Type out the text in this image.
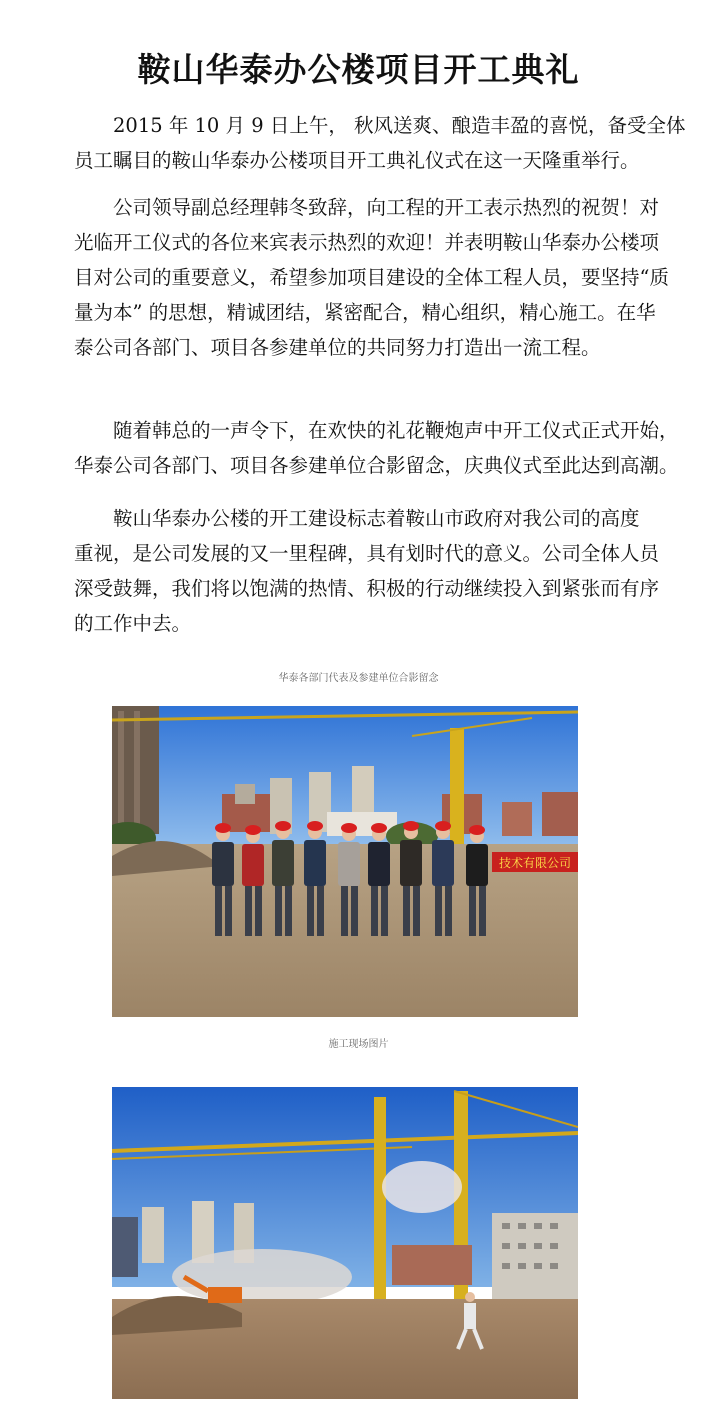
鞍山华泰办公楼项目开工典礼

2015 年 10 月 9 日上午， 秋风送爽、酿造丰盈的喜悦，备受全体
员工瞩目的鞍山华泰办公楼项目开工典礼仪式在这一天隆重举行。

公司领导副总经理韩冬致辞，向工程的开工表示热烈的祝贺！对
光临开工仪式的各位来宾表示热烈的欢迎！并表明鞍山华泰办公楼项
目对公司的重要意义，希望参加项目建设的全体工程人员，要坚持“质
量为本” 的思想，精诚团结，紧密配合，精心组织，精心施工。在华
泰公司各部门、项目各参建单位的共同努力打造出一流工程。

随着韩总的一声令下，在欢快的礼花鞭炮声中开工仪式正式开始，
华泰公司各部门、项目各参建单位合影留念，庆典仪式至此达到高潮。

鞍山华泰办公楼的开工建设标志着鞍山市政府对我公司的高度
重视，是公司发展的又一里程碑，具有划时代的意义。公司全体人员
深受鼓舞，我们将以饱满的热情、积极的行动继续投入到紧张而有序
的工作中去。

华泰各部门代表及参建单位合影留念

技术有限公司

施工现场图片
